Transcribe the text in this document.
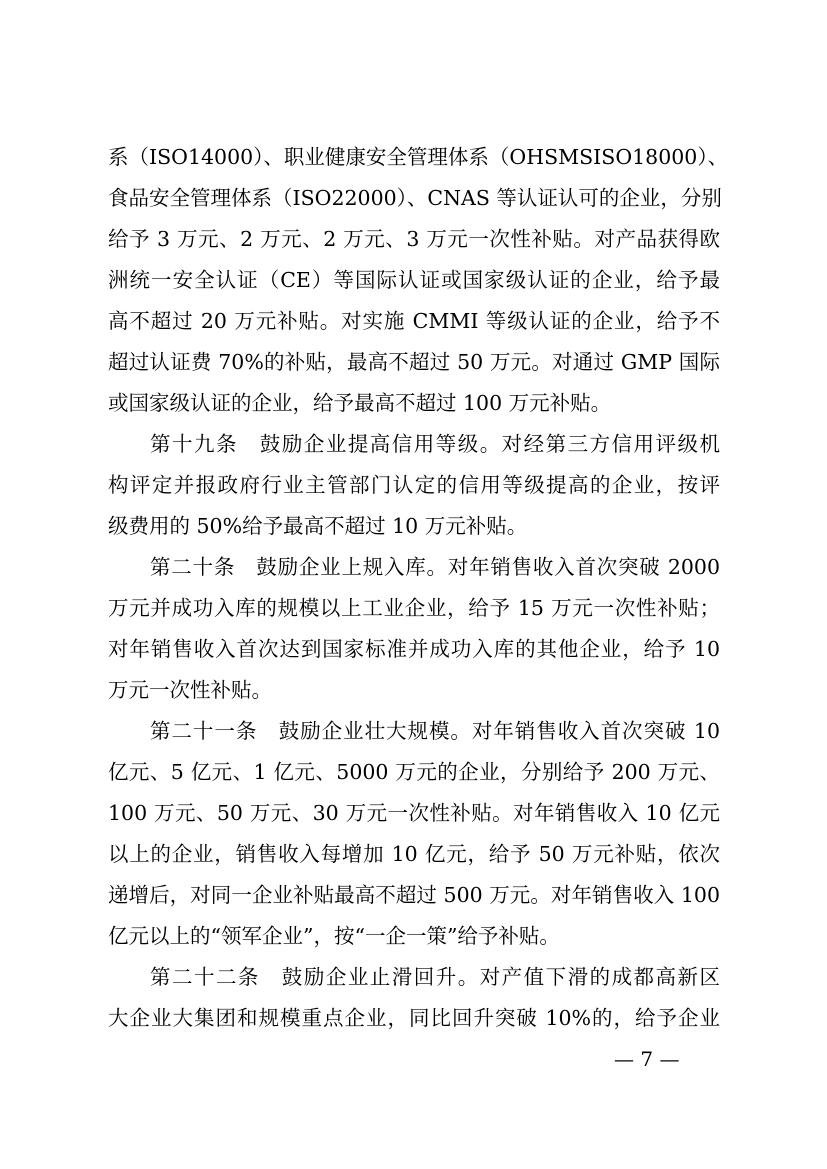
系（ISO14000）、职业健康安全管理体系（OHSMSISO18000）、
食品安全管理体系（ISO22000）、CNAS 等认证认可的企业，分别
给予 3 万元、2 万元、2 万元、3 万元一次性补贴。对产品获得欧
洲统一安全认证（CE）等国际认证或国家级认证的企业，给予最
高不超过 20 万元补贴。对实施 CMMI 等级认证的企业，给予不
超过认证费 70%的补贴，最高不超过 50 万元。对通过 GMP 国际
或国家级认证的企业，给予最高不超过 100 万元补贴。
第十九条　鼓励企业提高信用等级。对经第三方信用评级机
构评定并报政府行业主管部门认定的信用等级提高的企业，按评
级费用的 50%给予最高不超过 10 万元补贴。
第二十条　鼓励企业上规入库。对年销售收入首次突破 2000
万元并成功入库的规模以上工业企业，给予 15 万元一次性补贴；
对年销售收入首次达到国家标准并成功入库的其他企业，给予 10
万元一次性补贴。
第二十一条　鼓励企业壮大规模。对年销售收入首次突破 10
亿元、5 亿元、1 亿元、5000 万元的企业，分别给予 200 万元、
100 万元、50 万元、30 万元一次性补贴。对年销售收入 10 亿元
以上的企业，销售收入每增加 10 亿元，给予 50 万元补贴，依次
递增后，对同一企业补贴最高不超过 500 万元。对年销售收入 100
亿元以上的“领军企业”，按“一企一策”给予补贴。
第二十二条　鼓励企业止滑回升。对产值下滑的成都高新区
大企业大集团和规模重点企业，同比回升突破 10%的，给予企业
— 7 —
